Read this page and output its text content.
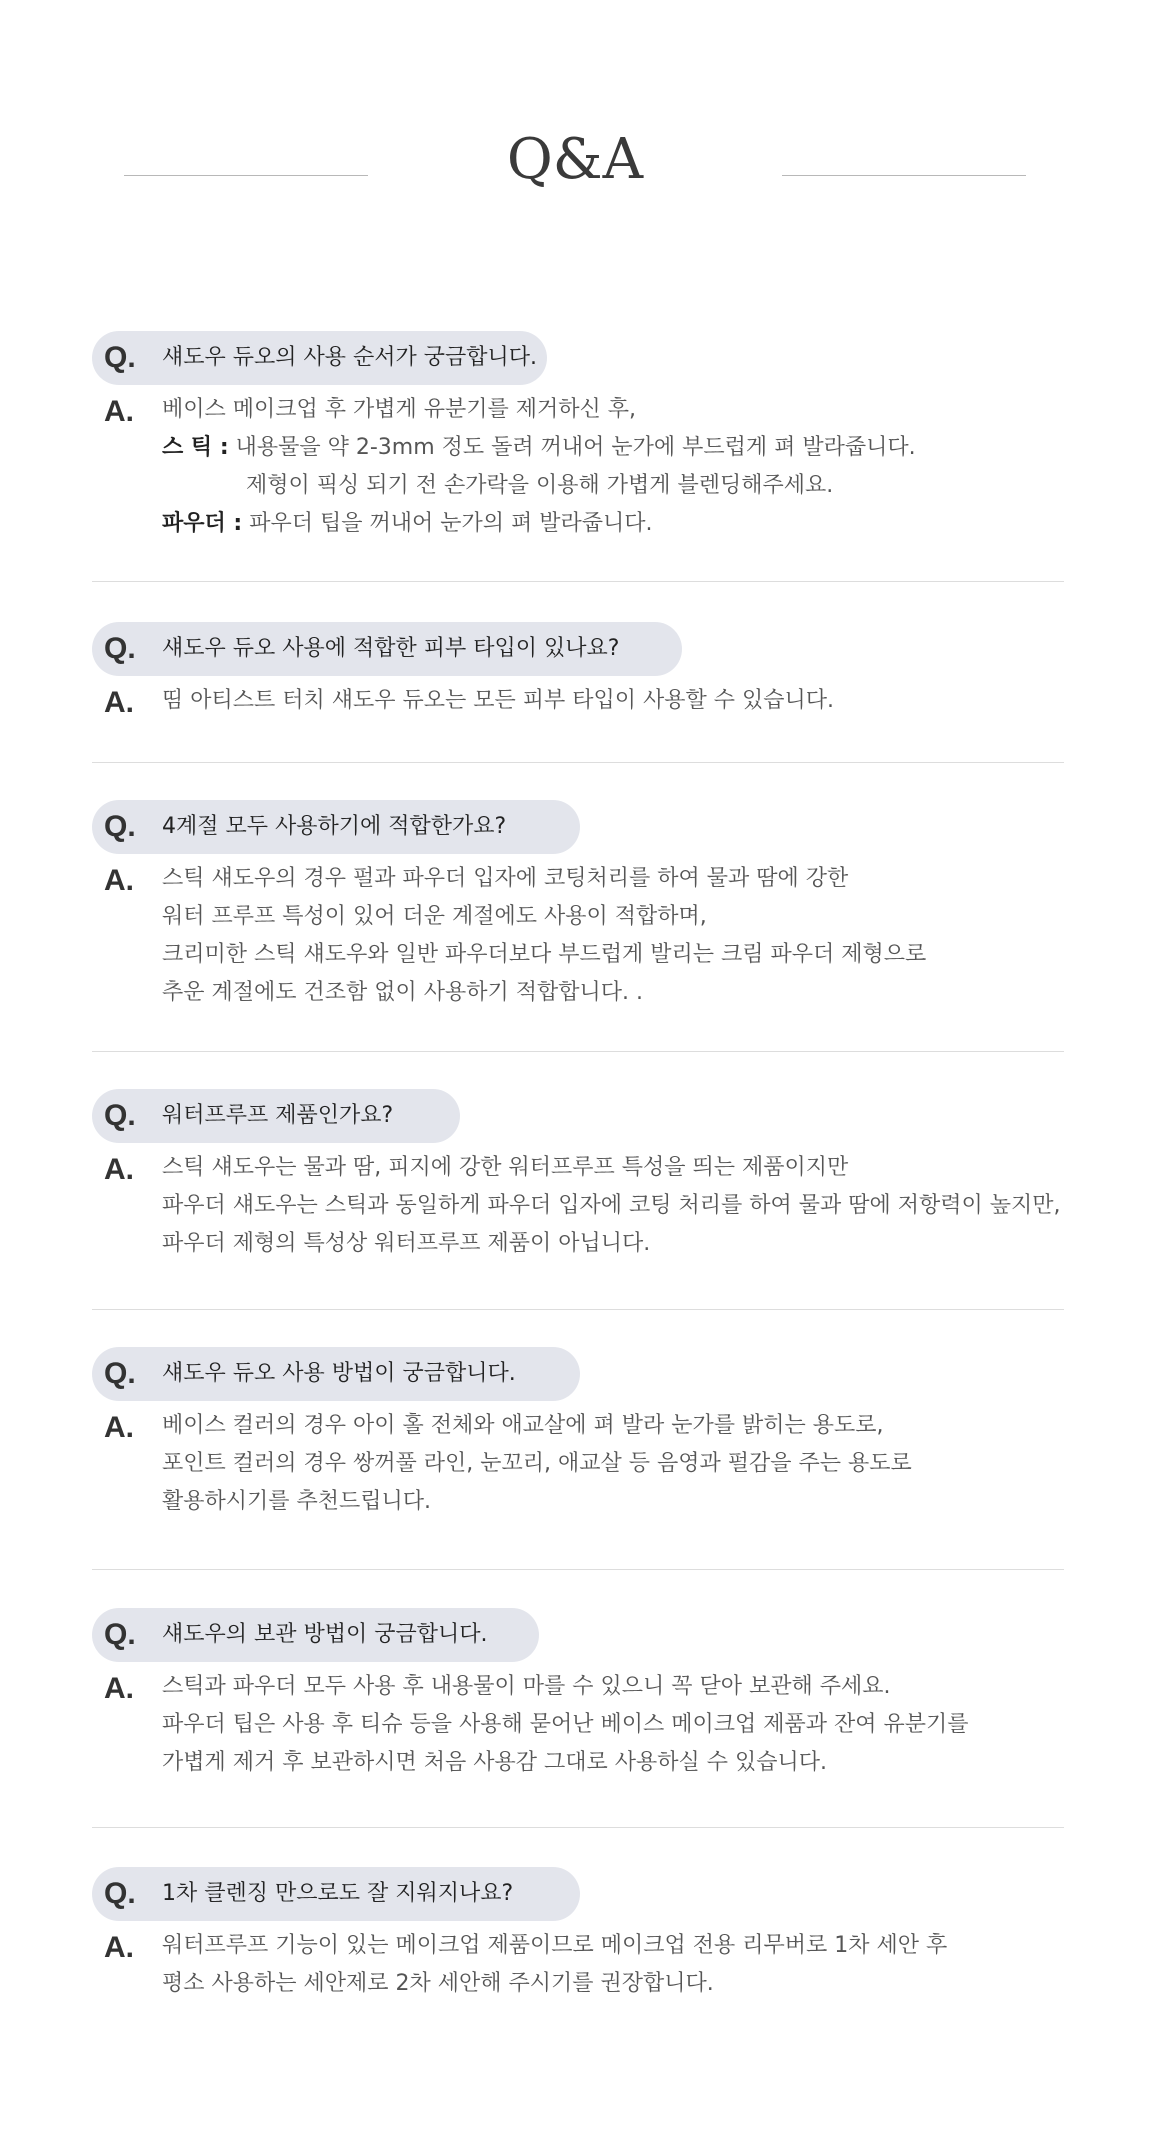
Q&A
Q. 섀도우 듀오의 사용 순서가 궁금합니다.
A. 베이스 메이크업 후 가볍게 유분기를 제거하신 후,
스 틱 : 내용물을 약 2-3mm 정도 돌려 꺼내어 눈가에 부드럽게 펴 발라줍니다.
제형이 픽싱 되기 전 손가락을 이용해 가볍게 블렌딩해주세요.
파우더 : 파우더 팁을 꺼내어 눈가의 펴 발라줍니다.
Q. 섀도우 듀오 사용에 적합한 피부 타입이 있나요?
A. 띰 아티스트 터치 섀도우 듀오는 모든 피부 타입이 사용할 수 있습니다.
Q. 4계절 모두 사용하기에 적합한가요?
A. 스틱 섀도우의 경우 펄과 파우더 입자에 코팅처리를 하여 물과 땀에 강한
워터 프루프 특성이 있어 더운 계절에도 사용이 적합하며,
크리미한 스틱 섀도우와 일반 파우더보다 부드럽게 발리는 크림 파우더 제형으로
추운 계절에도 건조함 없이 사용하기 적합합니다. .
Q. 워터프루프 제품인가요?
A. 스틱 섀도우는 물과 땀, 피지에 강한 워터프루프 특성을 띄는 제품이지만
파우더 섀도우는 스틱과 동일하게 파우더 입자에 코팅 처리를 하여 물과 땀에 저항력이 높지만,
파우더 제형의 특성상 워터프루프 제품이 아닙니다.
Q. 섀도우 듀오 사용 방법이 궁금합니다.
A. 베이스 컬러의 경우 아이 홀 전체와 애교살에 펴 발라 눈가를 밝히는 용도로,
포인트 컬러의 경우 쌍꺼풀 라인, 눈꼬리, 애교살 등 음영과 펄감을 주는 용도로
활용하시기를 추천드립니다.
Q. 섀도우의 보관 방법이 궁금합니다.
A. 스틱과 파우더 모두 사용 후 내용물이 마를 수 있으니 꼭 닫아 보관해 주세요.
파우더 팁은 사용 후 티슈 등을 사용해 묻어난 베이스 메이크업 제품과 잔여 유분기를
가볍게 제거 후 보관하시면 처음 사용감 그대로 사용하실 수 있습니다.
Q. 1차 클렌징 만으로도 잘 지워지나요?
A. 워터프루프 기능이 있는 메이크업 제품이므로 메이크업 전용 리무버로 1차 세안 후
평소 사용하는 세안제로 2차 세안해 주시기를 권장합니다.
